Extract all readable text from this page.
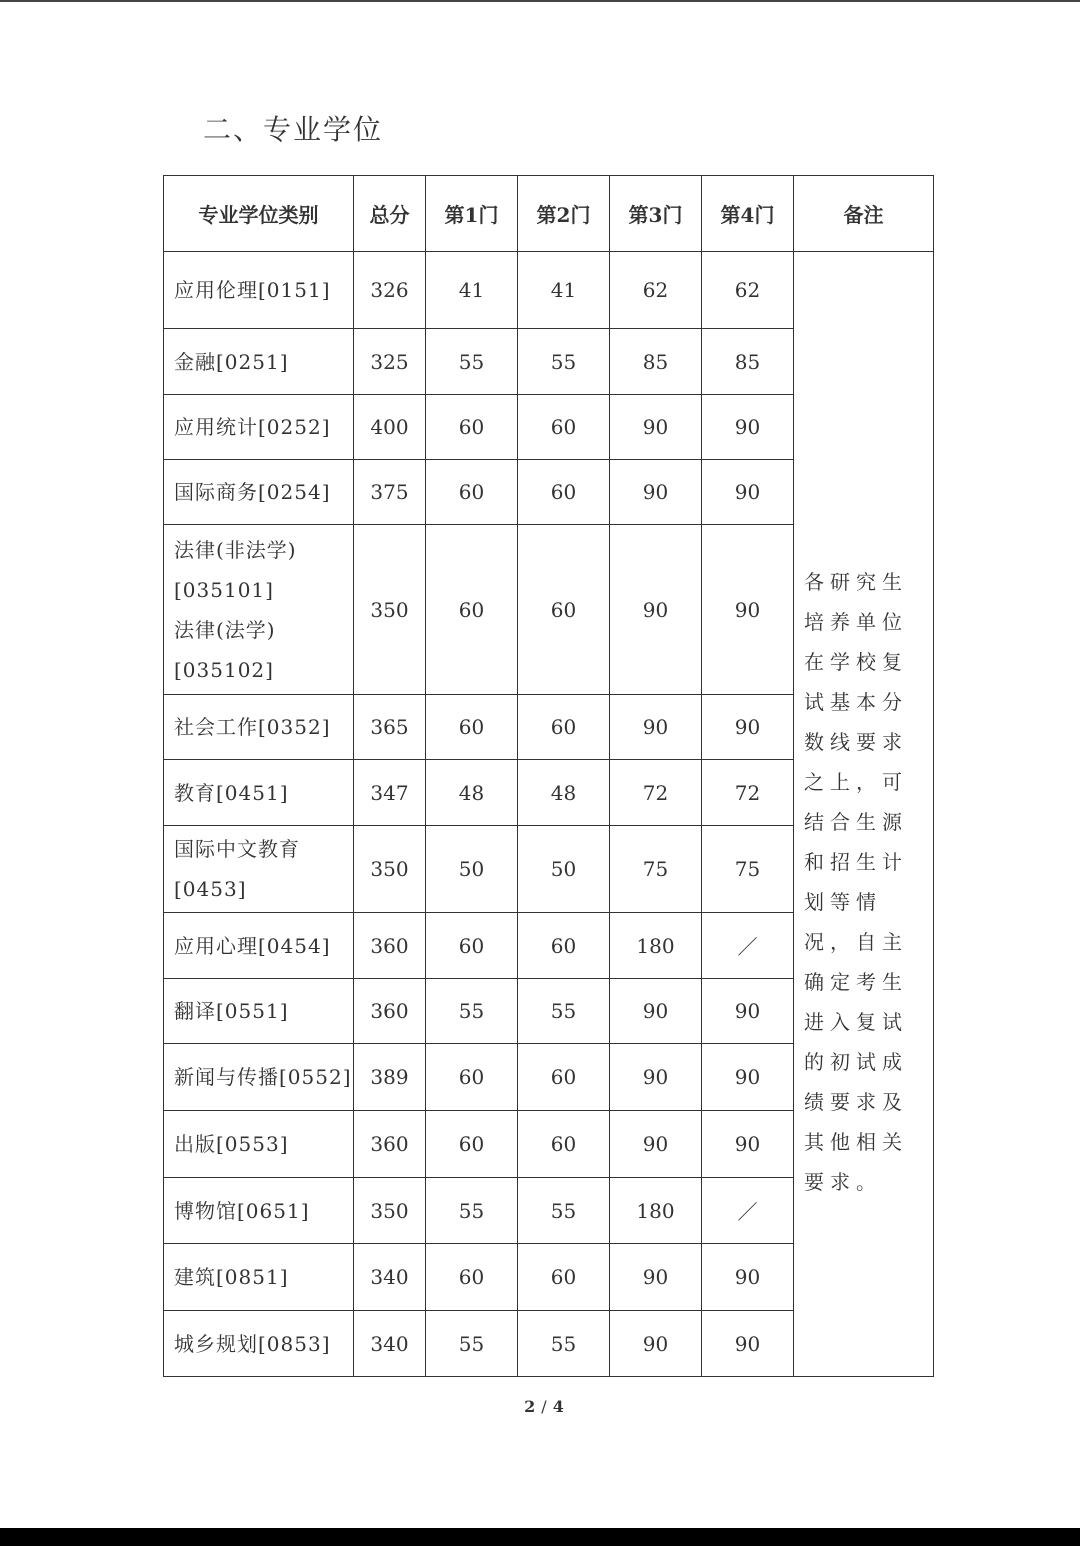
二、专业学位
专业学位类别	总分	第1门	第2门	第3门	第4门	备注
应用伦理[0151]	326	41	41	62	62	各研究生培养单位在学校复试基本分数线要求之上，可结合生源和招生计划等情况，自主确定考生进入复试的初试成绩要求及其他相关要求。
金融[0251]	325	55	55	85	85	
应用统计[0252]	400	60	60	90	90	
国际商务[0254]	375	60	60	90	90	
法律(非法学)
[035101]
法律(法学)
[035102]	350	60	60	90	90	
社会工作[0352]	365	60	60	90	90	
教育[0451]	347	48	48	72	72	
国际中文教育
[0453]	350	50	50	75	75	
应用心理[0454]	360	60	60	180	／	
翻译[0551]	360	55	55	90	90	
新闻与传播[0552]	389	60	60	90	90	
出版[0553]	360	60	60	90	90	
博物馆[0651]	350	55	55	180	／	
建筑[0851]	340	60	60	90	90	
城乡规划[0853]	340	55	55	90	90	
2 / 4
